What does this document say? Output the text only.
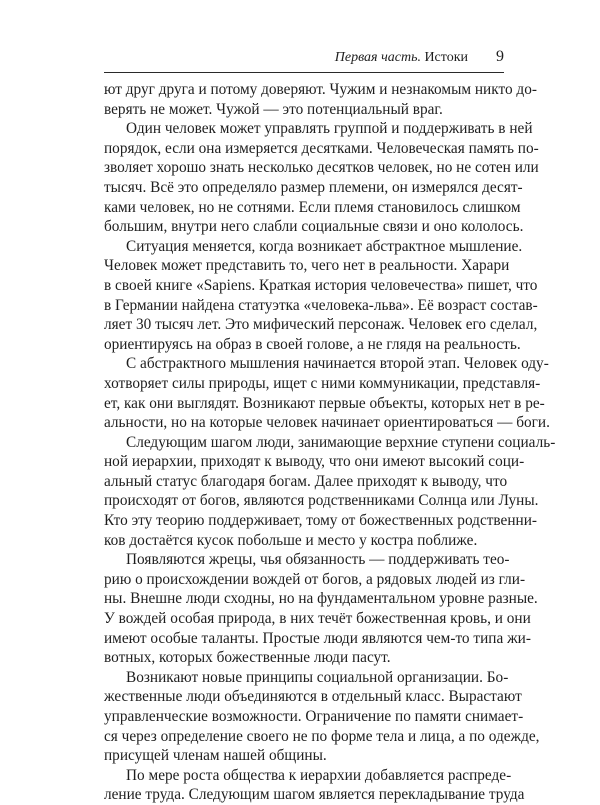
Первая часть. Истоки 9
ют друг друга и потому доверяют. Чужим и незнакомым никто до-
верять не может. Чужой — это потенциальный враг.
Один человек может управлять группой и поддерживать в ней
порядок, если она измеряется десятками. Человеческая память по-
зволяет хорошо знать несколько десятков человек, но не сотен или
тысяч. Всё это определяло размер племени, он измерялся десят-
ками человек, но не сотнями. Если племя становилось слишком
большим, внутри него слабли социальные связи и оно кололось.
Ситуация меняется, когда возникает абстрактное мышление.
Человек может представить то, чего нет в реальности. Харари
в своей книге «Sapiens. Краткая история человечества» пишет, что
в Германии найдена статуэтка «человека-льва». Её возраст состав-
ляет 30 тысяч лет. Это мифический персонаж. Человек его сделал,
ориентируясь на образ в своей голове, а не глядя на реальность.
С абстрактного мышления начинается второй этап. Человек оду-
хотворяет силы природы, ищет с ними коммуникации, представля-
ет, как они выглядят. Возникают первые объекты, которых нет в ре-
альности, но на которые человек начинает ориентироваться — боги.
Следующим шагом люди, занимающие верхние ступени социаль-
ной иерархии, приходят к выводу, что они имеют высокий соци-
альный статус благодаря богам. Далее приходят к выводу, что
происходят от богов, являются родственниками Солнца или Луны.
Кто эту теорию поддерживает, тому от божественных родственни-
ков достаётся кусок побольше и место у костра поближе.
Появляются жрецы, чья обязанность — поддерживать тео-
рию о происхождении вождей от богов, а рядовых людей из гли-
ны. Внешне люди сходны, но на фундаментальном уровне разные.
У вождей особая природа, в них течёт божественная кровь, и они
имеют особые таланты. Простые люди являются чем-то типа жи-
вотных, которых божественные люди пасут.
Возникают новые принципы социальной организации. Бо-
жественные люди объединяются в отдельный класс. Вырастают
управленческие возможности. Ограничение по памяти снимает-
ся через определение своего не по форме тела и лица, а по одежде,
присущей членам нашей общины.
По мере роста общества к иерархии добавляется распреде-
ление труда. Следующим шагом является перекладывание труда
